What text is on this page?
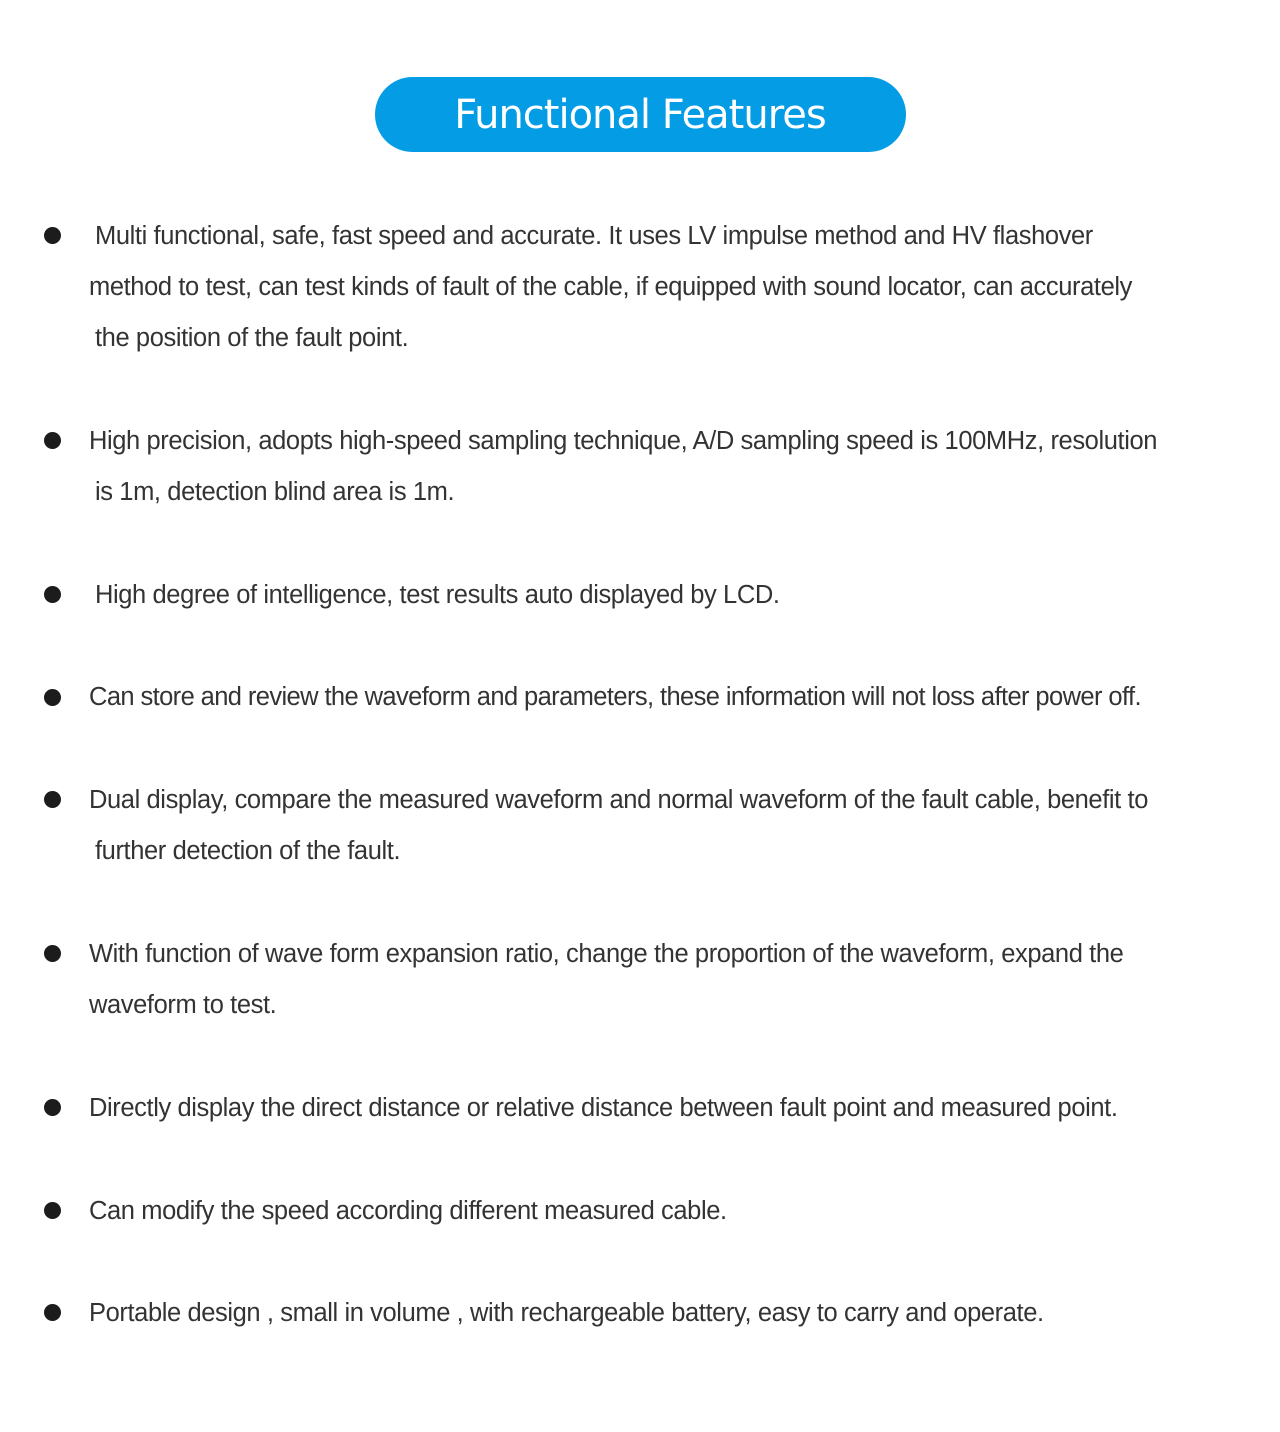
Functional Features
Multi functional, safe, fast speed and accurate. It uses LV impulse method and HV flashover
method to test, can test kinds of fault of the cable, if equipped with sound locator, can accurately
the position of the fault point.
High precision, adopts high-speed sampling technique, A/D sampling speed is 100MHz, resolution
is 1m, detection blind area is 1m.
High degree of intelligence, test results auto displayed by LCD.
Can store and review the waveform and parameters, these information will not loss after power off.
Dual display, compare the measured waveform and normal waveform of the fault cable, benefit to
further detection of the fault.
With function of wave form expansion ratio, change the proportion of the waveform, expand the
waveform to test.
Directly display the direct distance or relative distance between fault point and measured point.
Can modify the speed according different measured cable.
Portable design , small in volume , with rechargeable battery, easy to carry and operate.
